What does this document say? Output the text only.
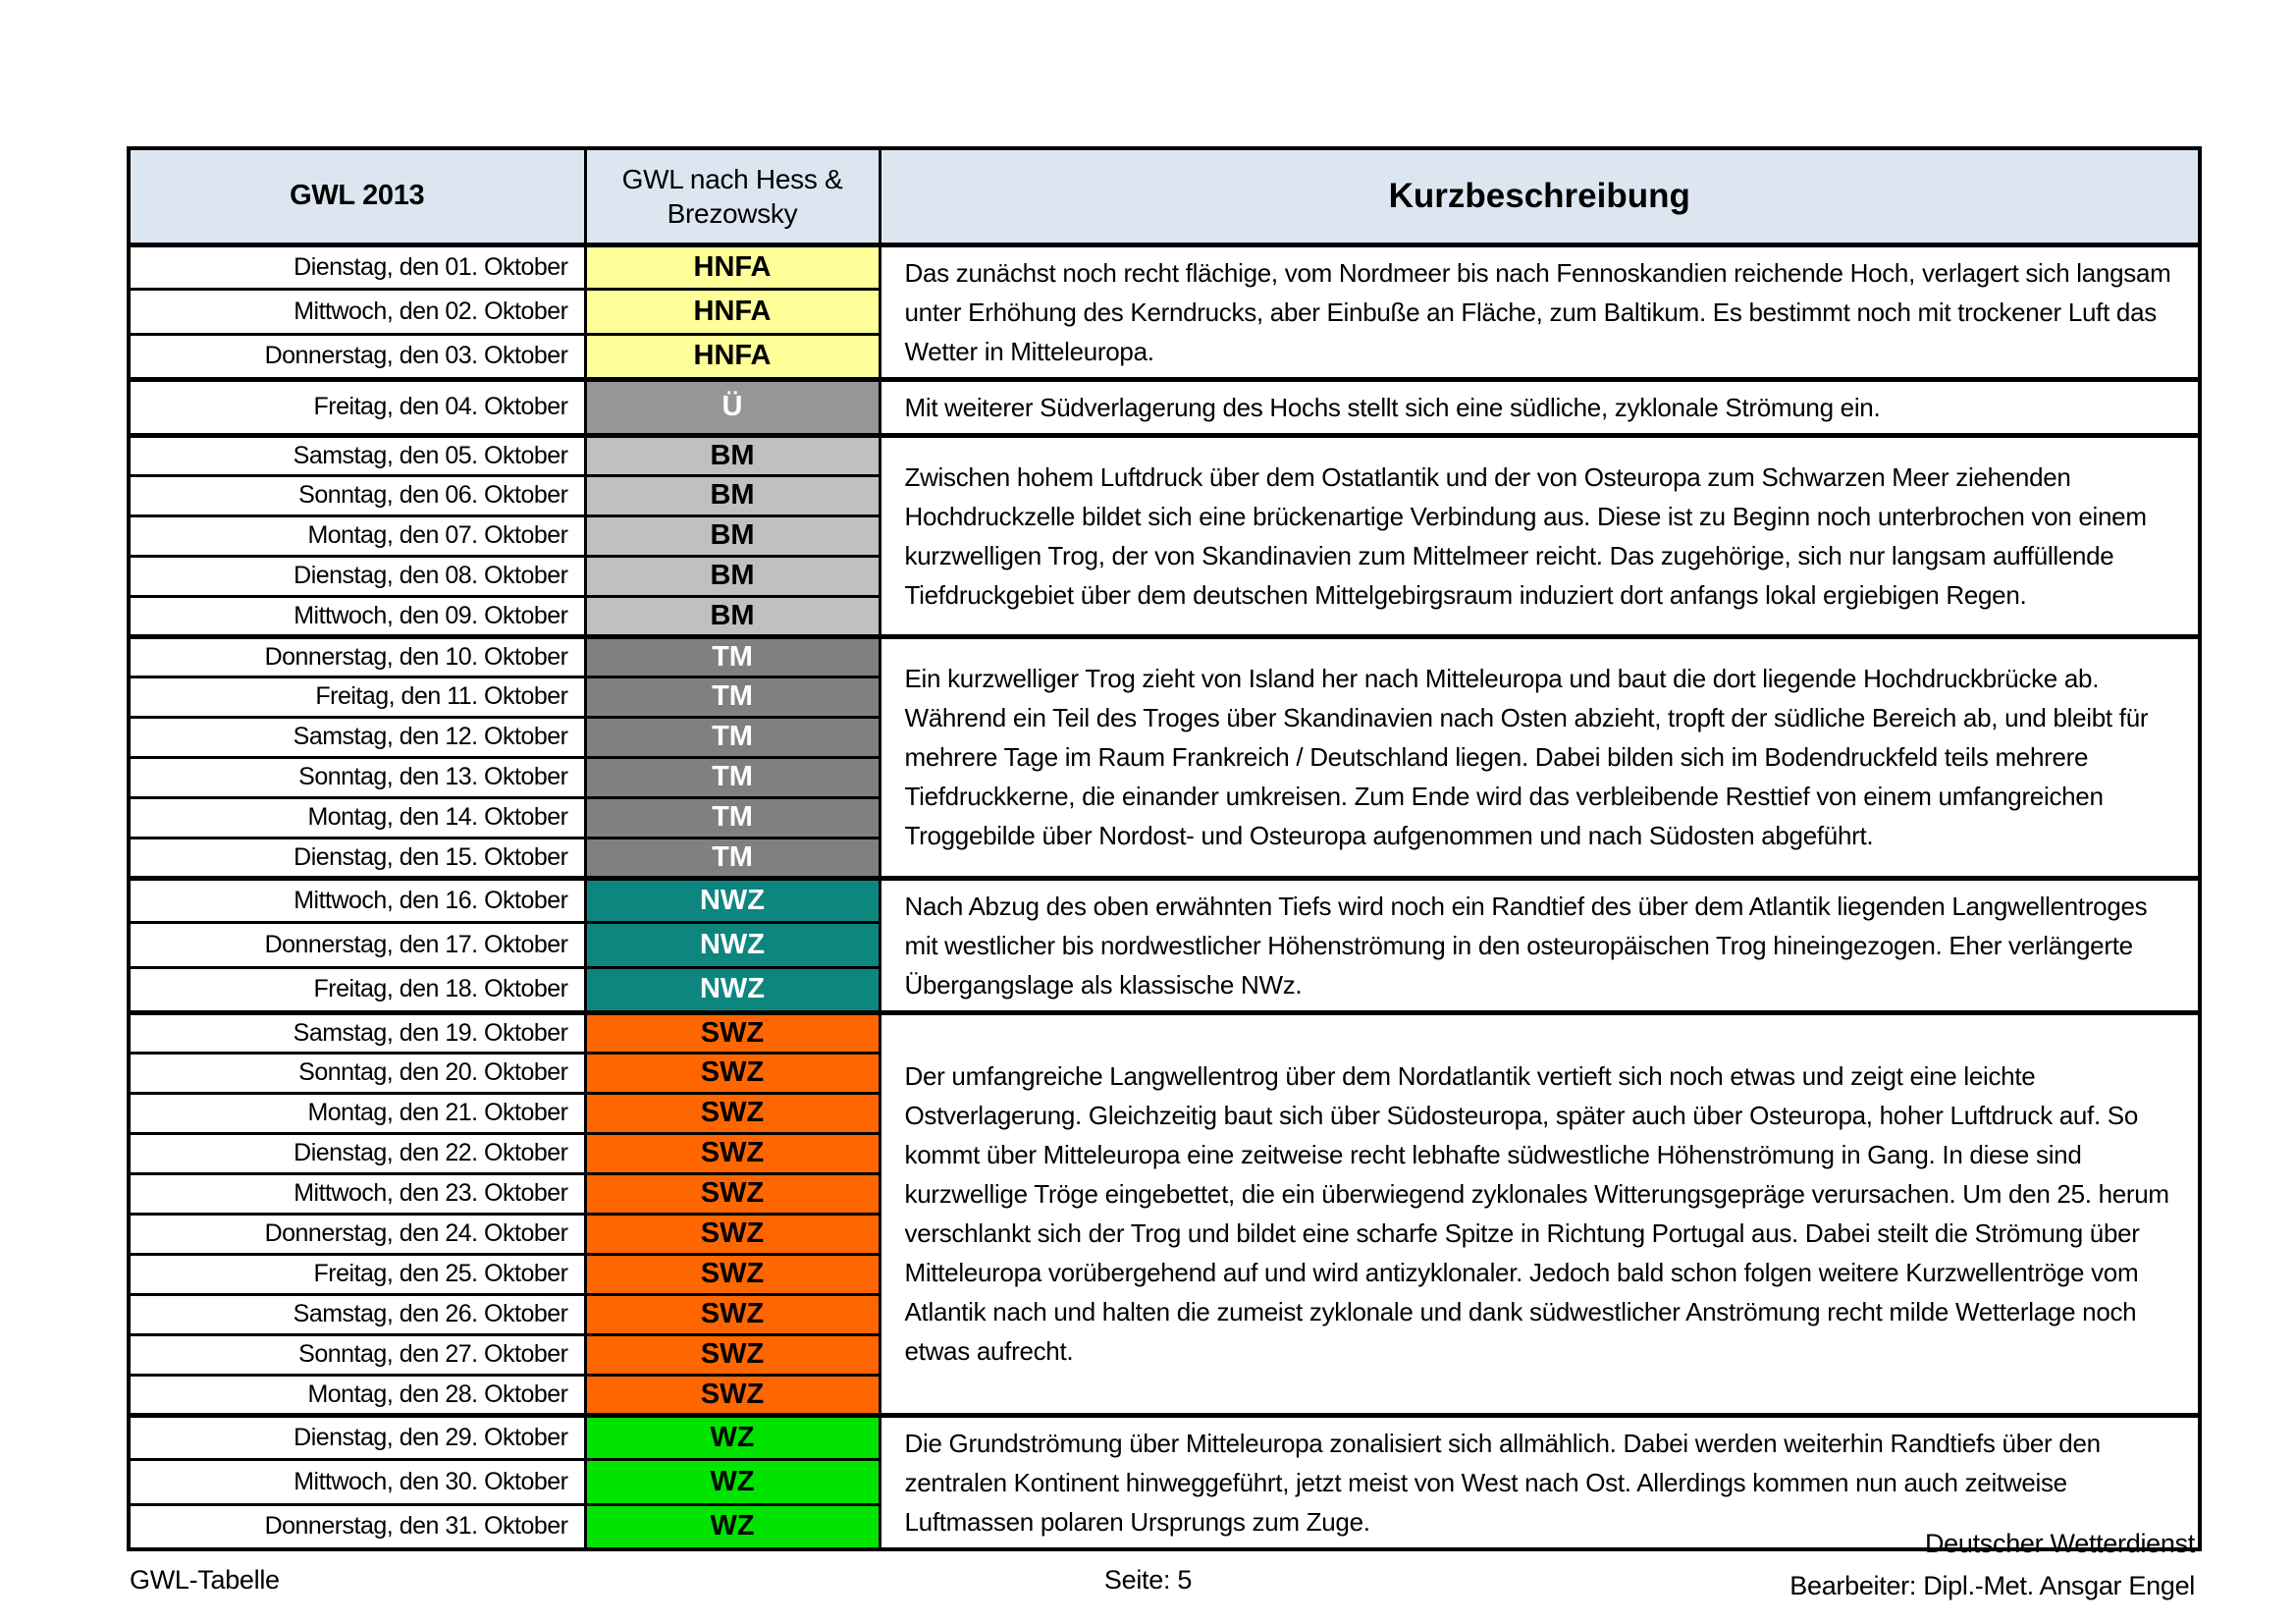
GWL 2013	GWL nach Hess & Brezowsky	Kurzbeschreibung
Dienstag, den 01. Oktober	HNFA	Das zunächst noch recht flächige, vom Nordmeer bis nach Fennoskandien reichende Hoch, verlagert sich langsam unter Erhöhung des Kerndrucks, aber Einbuße an Fläche, zum Baltikum. Es bestimmt noch mit trockener Luft das Wetter in Mitteleuropa.
Mittwoch, den 02. Oktober	HNFA	
Donnerstag, den 03. Oktober	HNFA	
Freitag, den 04. Oktober	Ü	Mit weiterer Südverlagerung des Hochs stellt sich eine südliche, zyklonale Strömung ein.
Samstag, den 05. Oktober	BM	Zwischen hohem Luftdruck über dem Ostatlantik und der von Osteuropa zum Schwarzen Meer ziehenden Hochdruckzelle bildet sich eine brückenartige Verbindung aus. Diese ist zu Beginn noch unterbrochen von einem kurzwelligen Trog, der von Skandinavien zum Mittelmeer reicht. Das zugehörige, sich nur langsam auffüllende Tiefdruckgebiet über dem deutschen Mittelgebirgsraum induziert dort anfangs lokal ergiebigen Regen.
Sonntag, den 06. Oktober	BM	
Montag, den 07. Oktober	BM	
Dienstag, den 08. Oktober	BM	
Mittwoch, den 09. Oktober	BM	
Donnerstag, den 10. Oktober	TM	Ein kurzwelliger Trog zieht von Island her nach Mitteleuropa und baut die dort liegende Hochdruckbrücke ab. Während ein Teil des Troges über Skandinavien nach Osten abzieht, tropft der südliche Bereich ab, und bleibt für mehrere Tage im Raum Frankreich / Deutschland liegen. Dabei bilden sich im Bodendruckfeld teils mehrere Tiefdruckkerne, die einander umkreisen. Zum Ende wird das verbleibende Resttief von einem umfangreichen Troggebilde über Nordost- und Osteuropa aufgenommen und nach Südosten abgeführt.
Freitag, den 11. Oktober	TM	
Samstag, den 12. Oktober	TM	
Sonntag, den 13. Oktober	TM	
Montag, den 14. Oktober	TM	
Dienstag, den 15. Oktober	TM	
Mittwoch, den 16. Oktober	NWZ	Nach Abzug des oben erwähnten Tiefs wird noch ein Randtief des über dem Atlantik liegenden Langwellentroges mit westlicher bis nordwestlicher Höhenströmung in den osteuropäischen Trog hineingezogen. Eher verlängerte Übergangslage als klassische NWz.
Donnerstag, den 17. Oktober	NWZ	
Freitag, den 18. Oktober	NWZ	
Samstag, den 19. Oktober	SWZ	Der umfangreiche Langwellentrog über dem Nordatlantik vertieft sich noch etwas und zeigt eine leichte Ostverlagerung. Gleichzeitig baut sich über Südosteuropa, später auch über Osteuropa, hoher Luftdruck auf. So kommt über Mitteleuropa eine zeitweise recht lebhafte südwestliche Höhenströmung in Gang. In diese sind kurzwellige Tröge eingebettet, die ein überwiegend zyklonales Witterungsgepräge verursachen. Um den 25. herum verschlankt sich der Trog und bildet eine scharfe Spitze in Richtung Portugal aus. Dabei steilt die Strömung über Mitteleuropa vorübergehend auf und wird antizyklonaler. Jedoch bald schon folgen weitere Kurzwellentröge vom Atlantik nach und halten die zumeist zyklonale und dank südwestlicher Anströmung recht milde Wetterlage noch etwas aufrecht.
Sonntag, den 20. Oktober	SWZ	
Montag, den 21. Oktober	SWZ	
Dienstag, den 22. Oktober	SWZ	
Mittwoch, den 23. Oktober	SWZ	
Donnerstag, den 24. Oktober	SWZ	
Freitag, den 25. Oktober	SWZ	
Samstag, den 26. Oktober	SWZ	
Sonntag, den 27. Oktober	SWZ	
Montag, den 28. Oktober	SWZ	
Dienstag, den 29. Oktober	WZ	Die Grundströmung über Mitteleuropa zonalisiert sich allmählich. Dabei werden weiterhin Randtiefs über den zentralen Kontinent hinweggeführt, jetzt meist von West nach Ost. Allerdings kommen nun auch zeitweise Luftmassen polaren Ursprungs zum Zuge.
Mittwoch, den 30. Oktober	WZ	
Donnerstag, den 31. Oktober	WZ	
GWL-Tabelle	Seite: 5
Deutscher Wetterdienst
Bearbeiter: Dipl.-Met. Ansgar Engel
